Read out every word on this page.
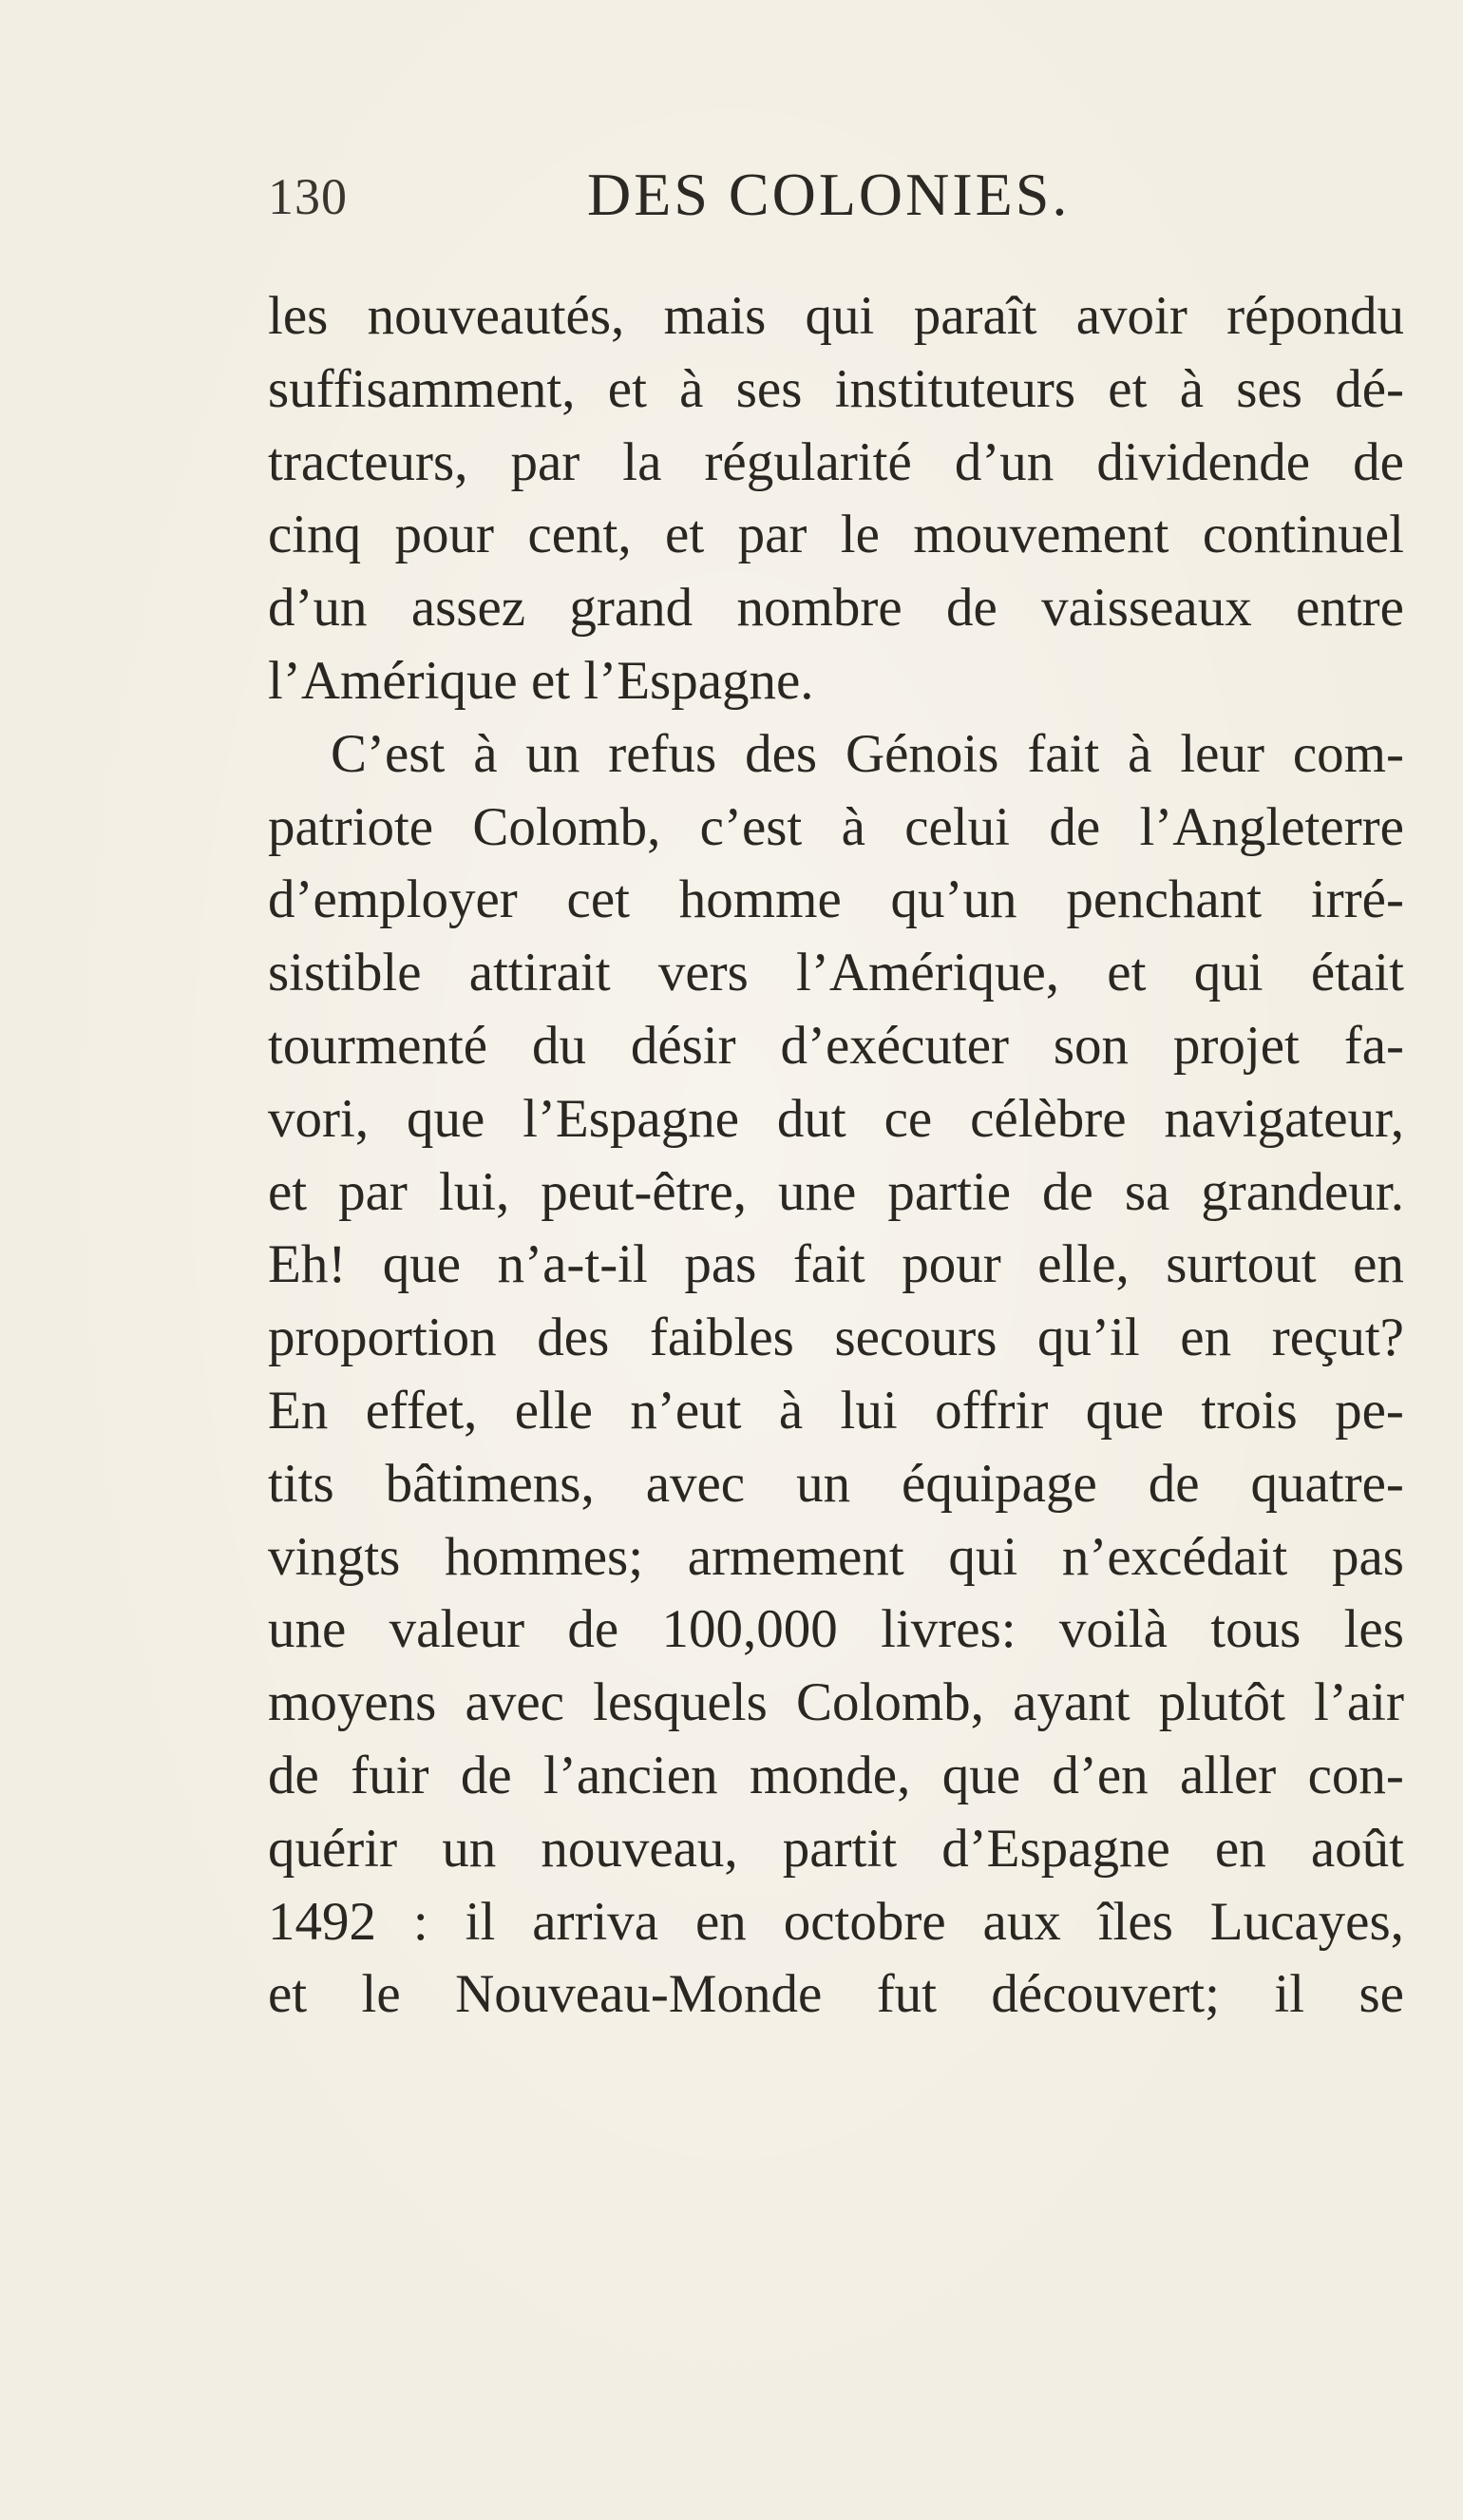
130	DES COLONIES.
les nouveautés, mais qui paraît avoir répondu
suffisamment, et à ses instituteurs et à ses dé-
tracteurs, par la régularité d’un dividende de
cinq pour cent, et par le mouvement continuel
d’un assez grand nombre de vaisseaux entre
l’Amérique
et
l’Espagne.
C’est à un refus des Génois fait à leur com-
patriote Colomb, c’est à celui de l’Angleterre
d’employer cet homme qu’un penchant irré-
sistible attirait vers l’Amérique, et qui était
tourmenté du désir d’exécuter son projet fa-
vori, que l’Espagne dut ce célèbre navigateur,
et par lui, peut-être, une partie de sa grandeur.
Eh! que n’a-t-il pas fait pour elle, surtout en
proportion des faibles secours qu’il en reçut?
En effet, elle n’eut à lui offrir que trois pe-
tits bâtimens, avec un équipage de quatre-
vingts hommes; armement qui n’excédait pas
une valeur de 100,000 livres: voilà tous les
moyens avec lesquels Colomb, ayant plutôt l’air
de fuir de l’ancien monde, que d’en aller con-
quérir un nouveau, partit d’Espagne en août
1492 : il arriva en octobre aux îles Lucayes,
et le Nouveau-Monde fut découvert; il se
